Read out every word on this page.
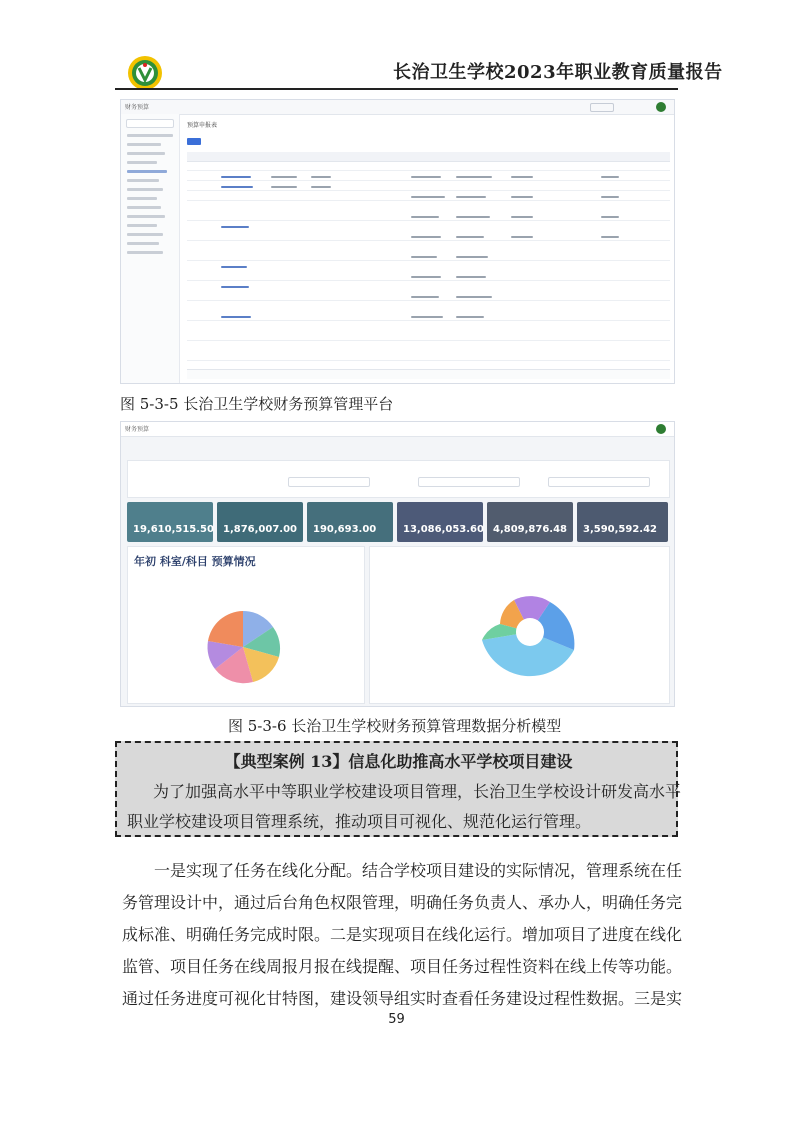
长治卫生学校2023年职业教育质量报告
财务预算
预算申报表
图 5-3-5 长治卫生学校财务预算管理平台
财务预算
19,610,515.50 1,876,007.00 190,693.00	13,086,053.60 4,809,876.48 3,590,592.42
年初 科室/科目 预算情况
图 5-3-6 长治卫生学校财务预算管理数据分析模型
【典型案例 13】信息化助推高水平学校项目建设
为了加强高水平中等职业学校建设项目管理，长治卫生学校设计研发高水平
职业学校建设项目管理系统，推动项目可视化、规范化运行管理。
一是实现了任务在线化分配。结合学校项目建设的实际情况，管理系统在任
务管理设计中，通过后台角色权限管理，明确任务负责人、承办人，明确任务完
成标准、明确任务完成时限。二是实现项目在线化运行。增加项目了进度在线化
监管、项目任务在线周报月报在线提醒、项目任务过程性资料在线上传等功能。
通过任务进度可视化甘特图，建设领导组实时查看任务建设过程性数据。三是实
59
